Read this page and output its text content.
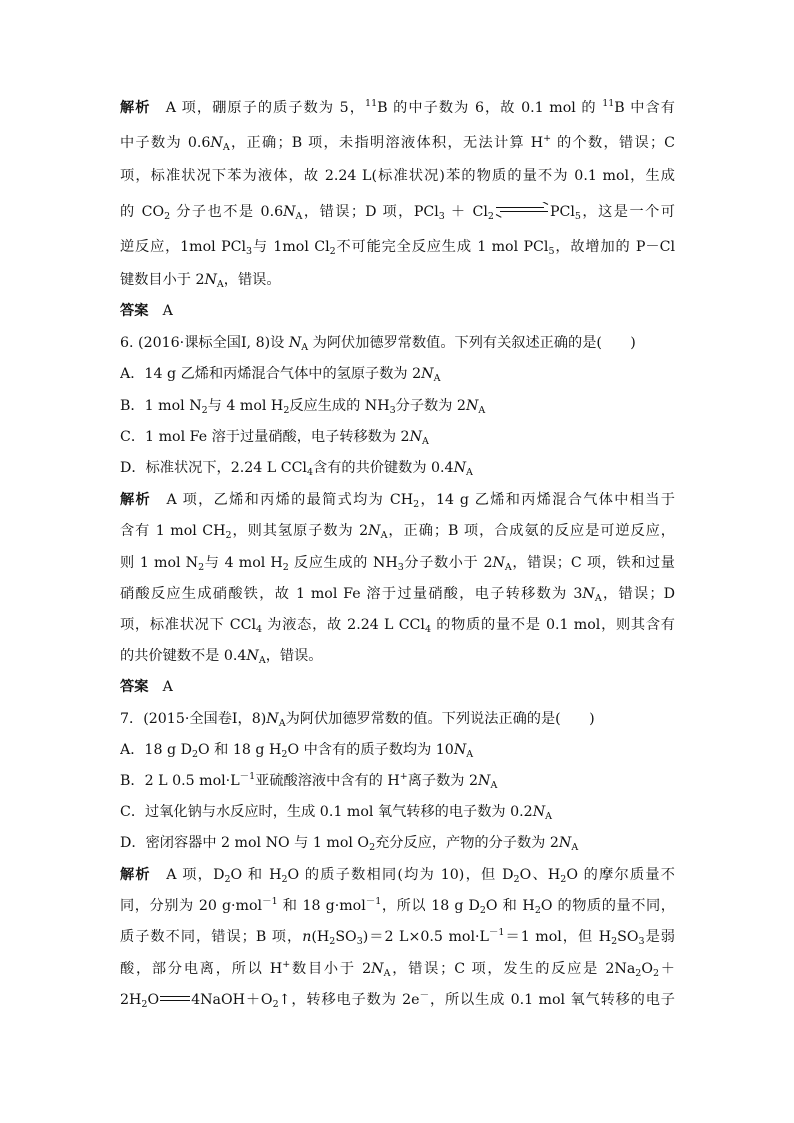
解析　A 项，硼原子的质子数为 5，$^{11}$B 的中子数为 6，故 0.1 mol 的 $^{11}$B 中含有
中子数为 $0.6N_A$，正确；B 项，未指明溶液体积，无法计算 H+ 的个数，错误；C
项，标准状况下苯为液体，故 2.24 L(标准状况)苯的物质的量不为 0.1 mol，生成
的 $CO_2$ 分子也不是 $0.6N_A$，错误；D 项，$PCl_3 + Cl_2$	PCl$_5$，这是一个可
逆反应，1mol PCl$_3$与 1mol $Cl_2$不可能完全反应生成 1 mol PCl$_5$，故增加的 P－Cl
键数目小于 $2N_A$，错误。
答案　A
6. (2016·课标全国Ⅰ, 8)设 $N_A$ 为阿伏加德罗常数值。下列有关叙述正确的是(　　)
A．14 g 乙烯和丙烯混合气体中的氢原子数为 $2N_A$
B．1 mol $N_2$与 4 mol $H_2$反应生成的 $NH_3$分子数为 $2N_A$
C．1 mol Fe 溶于过量硝酸，电子转移数为 $2N_A$
D．标准状况下，2.24 L CCl$_4$含有的共价键数为 $0.4N_A$
解析　A 项，乙烯和丙烯的最简式均为 $CH_2$，14 g 乙烯和丙烯混合气体中相当于
含有 1 mol $CH_2$，则其氢原子数为 $2N_A$，正确；B 项，合成氨的反应是可逆反应，
则 1 mol $N_2$与 4 mol $H_2$ 反应生成的 $NH_3$分子数小于 $2N_A$，错误；C 项，铁和过量
硝酸反应生成硝酸铁，故 1 mol Fe 溶于过量硝酸，电子转移数为 $3N_A$，错误；D
项，标准状况下 CCl$_4$ 为液态，故 2.24 L CCl$_4$ 的物质的量不是 0.1 mol，则其含有
的共价键数不是 $0.4N_A$，错误。
答案　A
7．(2015·全国卷Ⅰ，$8)N_A$为阿伏加德罗常数的值。下列说法正确的是(　　)
A．18 g $D_2O$ 和 18 g $H_2O$ 中含有的质子数均为 $10N_A$
B．2 L 0.5 $mol\cdot L^{-1}$亚硫酸溶液中含有的 H+离子数为 $2N_A$
C．过氧化钠与水反应时，生成 0.1 mol 氧气转移的电子数为 $0.2N_A$
D．密闭容器中 2 mol NO 与 1 mol $O_2$充分反应，产物的分子数为 $2N_A$
解析　A 项，$D_2O$ 和 $H_2O$ 的质子数相同(均为 10)，但 $D_2O$、$H_2O$ 的摩尔质量不
同，分别为 20 g·mol$^{-1}$ 和 18 g·mol$^{-1}$，所以 18 g $D_2O$ 和 $H_2O$ 的物质的量不同，
质子数不同，错误；B 项，$n(H_2SO_3)=2$ L×0.5 $mol\cdot L^{-1}=1$ mol，但 $H_2SO_3$是弱
酸，部分电离，所以 H+数目小于 $2N_A$，错误；C 项，发生的反应是 $2Na_2O_2+$
$2H_2O$ $4NaOH+O_2↑$，转移电子数为 2e－，所以生成 0.1 mol 氧气转移的电子
